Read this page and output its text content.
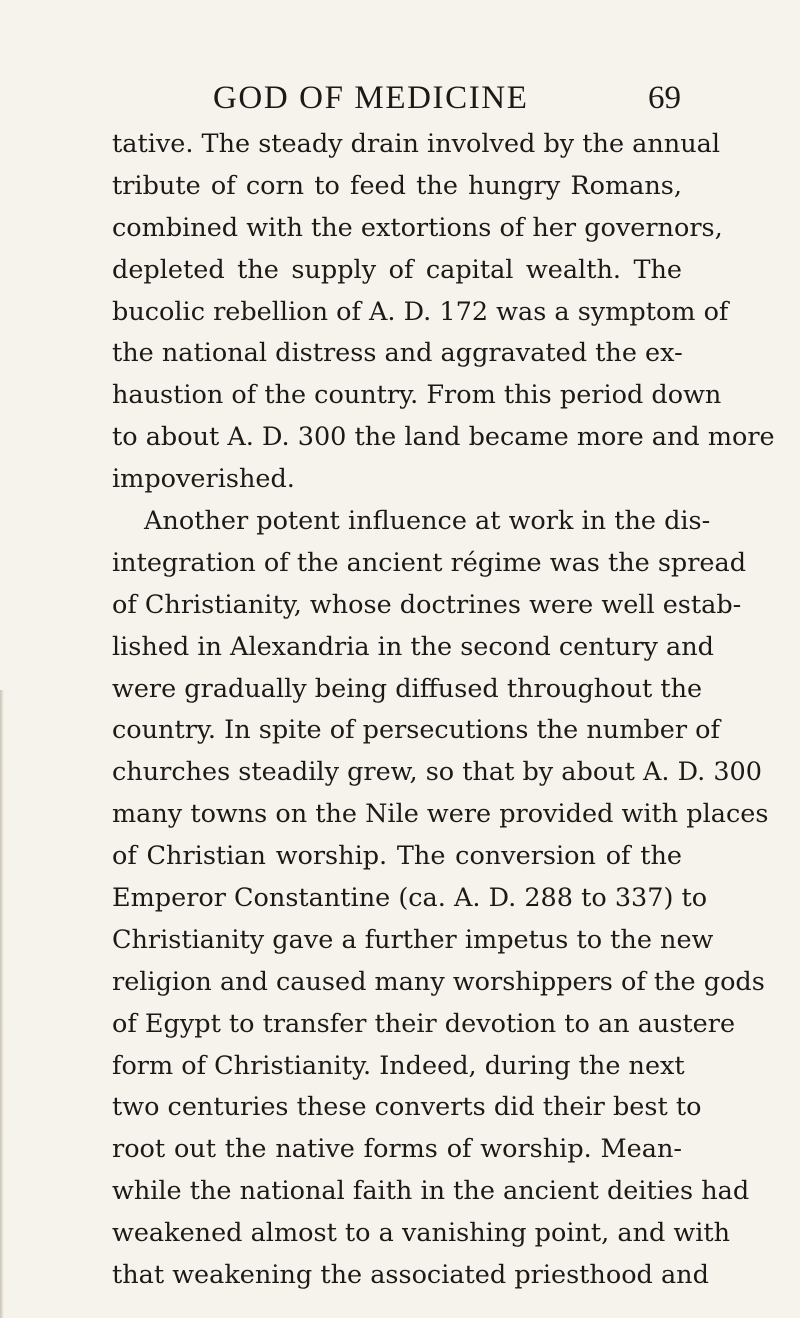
GOD OF MEDICINE	69
tative. The steady drain involved by the annual
tribute of corn to feed the hungry Romans,
combined with the extortions of her governors,
depleted the supply of capital wealth. The
bucolic rebellion of A. D. 172 was a symptom of
the national distress and aggravated the ex-
haustion of the country. From this period down
to about A. D. 300 the land became more and more
impoverished.
Another potent influence at work in the dis-
integration of the ancient régime was the spread
of Christianity, whose doctrines were well estab-
lished in Alexandria in the second century and
were gradually being diffused throughout the
country. In spite of persecutions the number of
churches steadily grew, so that by about A. D. 300
many towns on the Nile were provided with places
of Christian worship. The conversion of the
Emperor Constantine (ca. A. D. 288 to 337) to
Christianity gave a further impetus to the new
religion and caused many worshippers of the gods
of Egypt to transfer their devotion to an austere
form of Christianity. Indeed, during the next
two centuries these converts did their best to
root out the native forms of worship. Mean-
while the national faith in the ancient deities had
weakened almost to a vanishing point, and with
that weakening the associated priesthood and
